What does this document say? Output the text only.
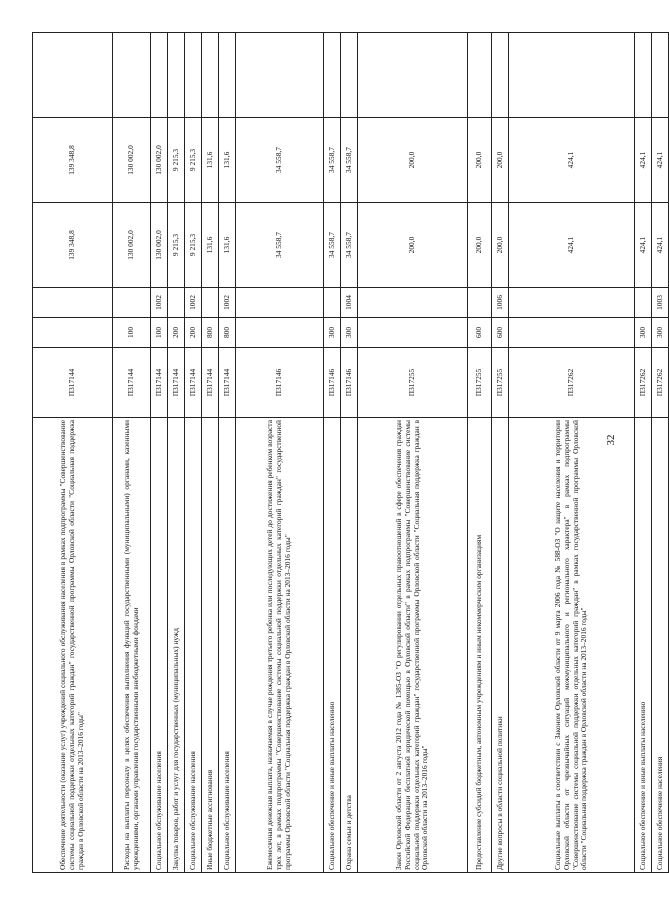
32
Обеспечение деятельности (оказание услуг) учреждений социального обслуживания населения в рамках подпрограммы "Совершенствование системы социальной поддержки отдельных категорий граждан" государственной программы Орловской области "Социальная поддержка граждан в Орловской области на 2013–2016 годы"	П317144			139 348,8	139 348,8	
Расходы на выплаты персоналу в целях обеспечения выполнения функций государственными (муниципальными) органами, казенными учреждениями, органами управления государственными внебюджетными фондами	П317144	100		130 002,0	130 002,0	
Социальное обслуживание населения	П317144	100	1002	130 002,0	130 002,0	
Закупка товаров, работ и услуг для государственных (муниципальных) нужд	П317144	200		9 215,3	9 215,3	
Социальное обслуживание населения	П317144	200	1002	9 215,3	9 215,3	
Иные бюджетные ассигнования	П317144	800		131,6	131,6	
Социальное обслуживание населения	П317144	800	1002	131,6	131,6	
Ежемесячная денежная выплата, назначаемая в случае рождения третьего ребенка или последующих детей до достижения ребенком возраста трех лет, в рамках подпрограммы "Совершенствование системы социальной поддержки отдельных категорий граждан" государственной программы Орловской области "Социальная поддержка граждан в Орловской области на 2013–2016 годы"	П317146			34 558,7	34 558,7	
Социальное обеспечение и иные выплаты населению	П317146	300		34 558,7	34 558,7	
Охрана семьи и детства	П317146	300	1004	34 558,7	34 558,7	
Закон Орловской области от 2 августа 2012 года № 1385-ОЗ "О регулировании отдельных правоотношений в сфере обеспечения граждан Российской Федерации бесплатной юридической помощью в Орловской области" в рамках подпрограммы "Совершенствование системы социальной поддержки отдельных категорий граждан" государственной программы Орловской области "Социальная поддержка граждан в Орловской области на 2013–2016 годы"	П317255			200,0	200,0	
Предоставление субсидий бюджетным, автономным учреждениям и иным некоммерческим организациям	П317255	600		200,0	200,0	
Другие вопросы в области социальной политики	П317255	600	1006	200,0	200,0	
Социальные выплаты в соответствии с Законом Орловской области от 9 марта 2006 года № 588-ОЗ "О защите населения и территории Орловской области от чрезвычайных ситуаций межмуниципального и регионального характера" в рамках подпрограммы "Совершенствование системы социальной поддержки отдельных категорий граждан" в рамках государственной программы Орловской области "Социальная поддержка граждан в Орловской области на 2013–2016 годы"	П317262			424,1	424,1	
Социальное обеспечение и иные выплаты населению	П317262	300		424,1	424,1	
Социальное обеспечение населения	П317262	300	1003	424,1	424,1	
